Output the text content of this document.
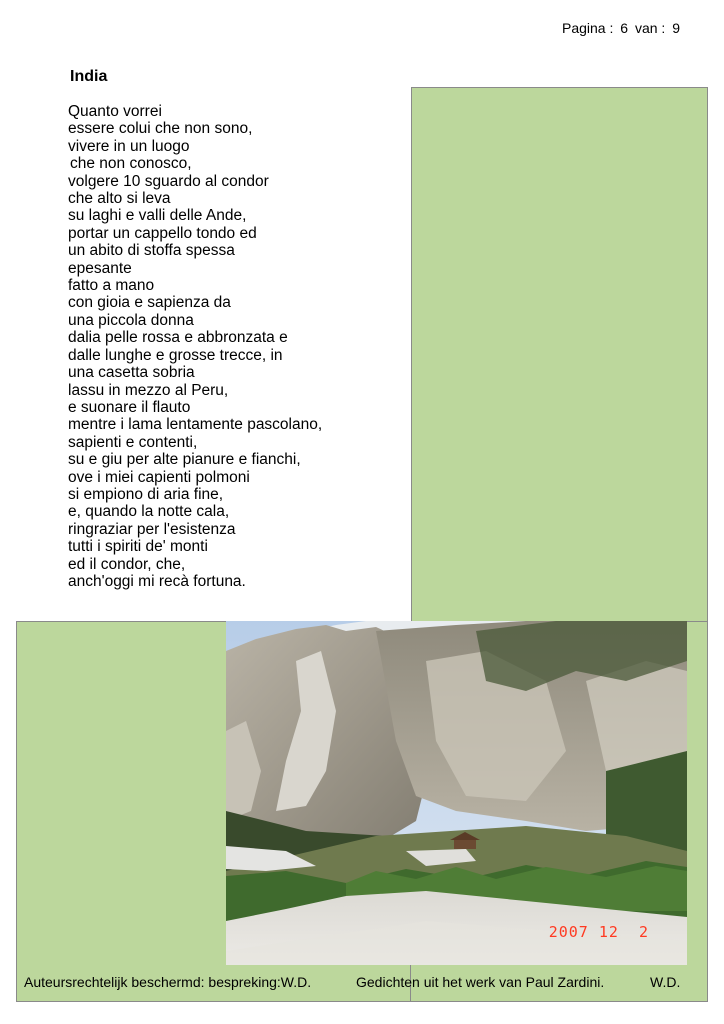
Pagina : 6 van : 9
India
Quanto vorrei
essere colui che non sono,
vivere in un luogo
che non conosco,
volgere 10 sguardo al condor
che alto si leva
su laghi e valli delle Ande,
portar un cappello tondo ed
un abito di stoffa spessa
epesante
fatto a mano
con gioia e sapienza da
una piccola donna
dalia pelle rossa e abbronzata e
dalle lunghe e grosse trecce, in
una casetta sobria
lassu in mezzo al Peru,
e suonare il flauto
mentre i lama lentamente pascolano,
sapienti e contenti,
su e giu per alte pianure e fianchi,
ove i miei capienti polmoni
si empiono di aria fine,
e, quando la notte cala,
ringraziar per l'esistenza
tutti i spiriti de' monti
ed il condor, che,
anch'oggi mi recà fortuna.
2007 12  2
Auteursrechtelijk beschermd: bespreking:W.D.	Gedichten uit het werk van Paul Zardini.	W.D.
